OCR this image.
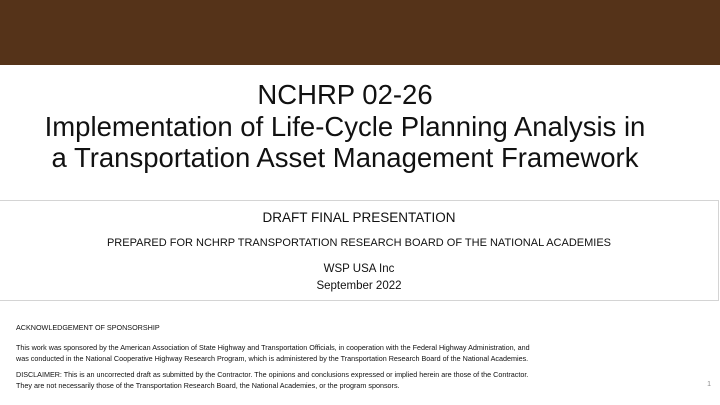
NCHRP 02-26
Implementation of Life-Cycle Planning Analysis in
a Transportation Asset Management Framework
DRAFT FINAL PRESENTATION
PREPARED FOR NCHRP TRANSPORTATION RESEARCH BOARD OF THE NATIONAL ACADEMIES
WSP USA Inc
September 2022
ACKNOWLEDGEMENT OF SPONSORSHIP
This work was sponsored by the American Association of State Highway and Transportation Officials, in cooperation with the Federal Highway Administration, and
was conducted in the National Cooperative Highway Research Program, which is administered by the Transportation Research Board of the National Academies.
DISCLAIMER: This is an uncorrected draft as submitted by the Contractor. The opinions and conclusions expressed or implied herein are those of the Contractor.
They are not necessarily those of the Transportation Research Board, the National Academies, or the program sponsors.	1
